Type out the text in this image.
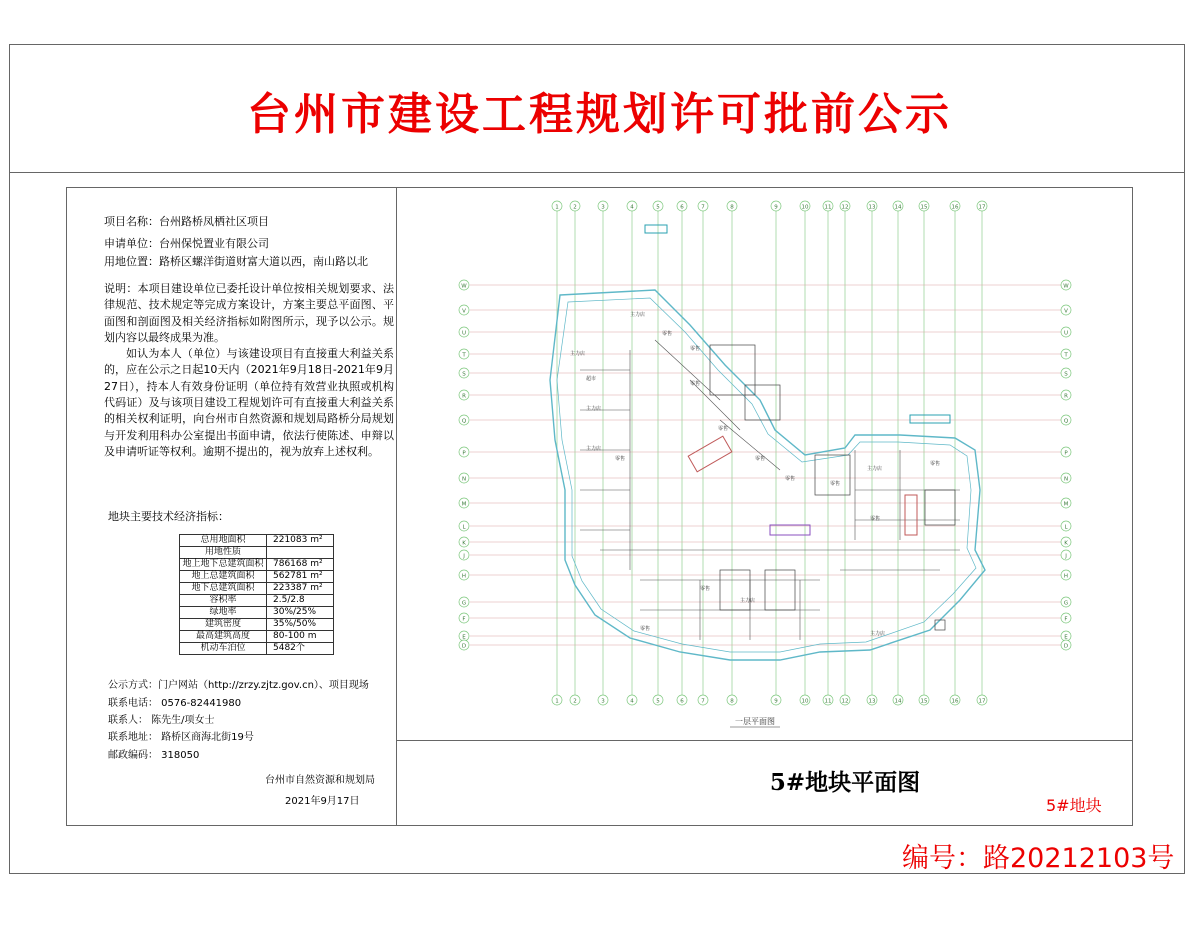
台州市建设工程规划许可批前公示
项目名称：台州路桥凤栖社区项目
申请单位：台州保悦置业有限公司
用地位置：路桥区螺洋街道财富大道以西，南山路以北

说明：本项目建设单位已委托设计单位按相关规划要求、法律规范、技术规定等完成方案设计，方案主要总平面图、平面图和剖面图及相关经济指标如附图所示，现予以公示。规划内容以最终成果为准。

如认为本人（单位）与该建设项目有直接重大利益关系的，应在公示之日起10天内（2021年9月18日-2021年9月27日），持本人有效身份证明（单位持有效营业执照或机构代码证）及与该项目建设工程规划许可有直接重大利益关系的相关权利证明，向台州市自然资源和规划局路桥分局规划与开发利用科办公室提出书面申请，依法行使陈述、申辩以及申请听证等权利。逾期不提出的，视为放弃上述权利。

地块主要技术经济指标：
总用地面积	221083 m²
用地性质	
地上地下总建筑面积	786168 m²
地上总建筑面积	562781 m²
地下总建筑面积	223387 m²
容积率	2.5/2.8
绿地率	30%/25%
建筑密度	35%/50%
最高建筑高度	80-100 m
机动车泊位	5482个
公示方式：门户网站（http://zrzy.zjtz.gov.cn）、项目现场
联系电话： 0576-82441980
联系人： 陈先生/项女士
联系地址： 路桥区商海北街19号
邮政编码： 318050
台州市自然资源和规划局
2021年9月17日
1
1
2
2
3
3
4
4
5
5
6
6
7
7
8
8
9
9
10
10
11
11
12
12
13
13
14
14
15
15
16
16
17
17
W	W
V	V
U	U
T	T
S	S
R	R
Q	Q
P	P
N	N
M	M
L	L
K	K
J	J
H	H
G	G
F	F
E	E
D	D
主力店
零售
零售
零售
主力店
超市
主力店
主力店
零售
零售
零售
零售
零售
主力店
零售
零售
主力店
主力店
零售
零售
一层平面图
5#地块平面图
5#地块
编号：路20212103号
